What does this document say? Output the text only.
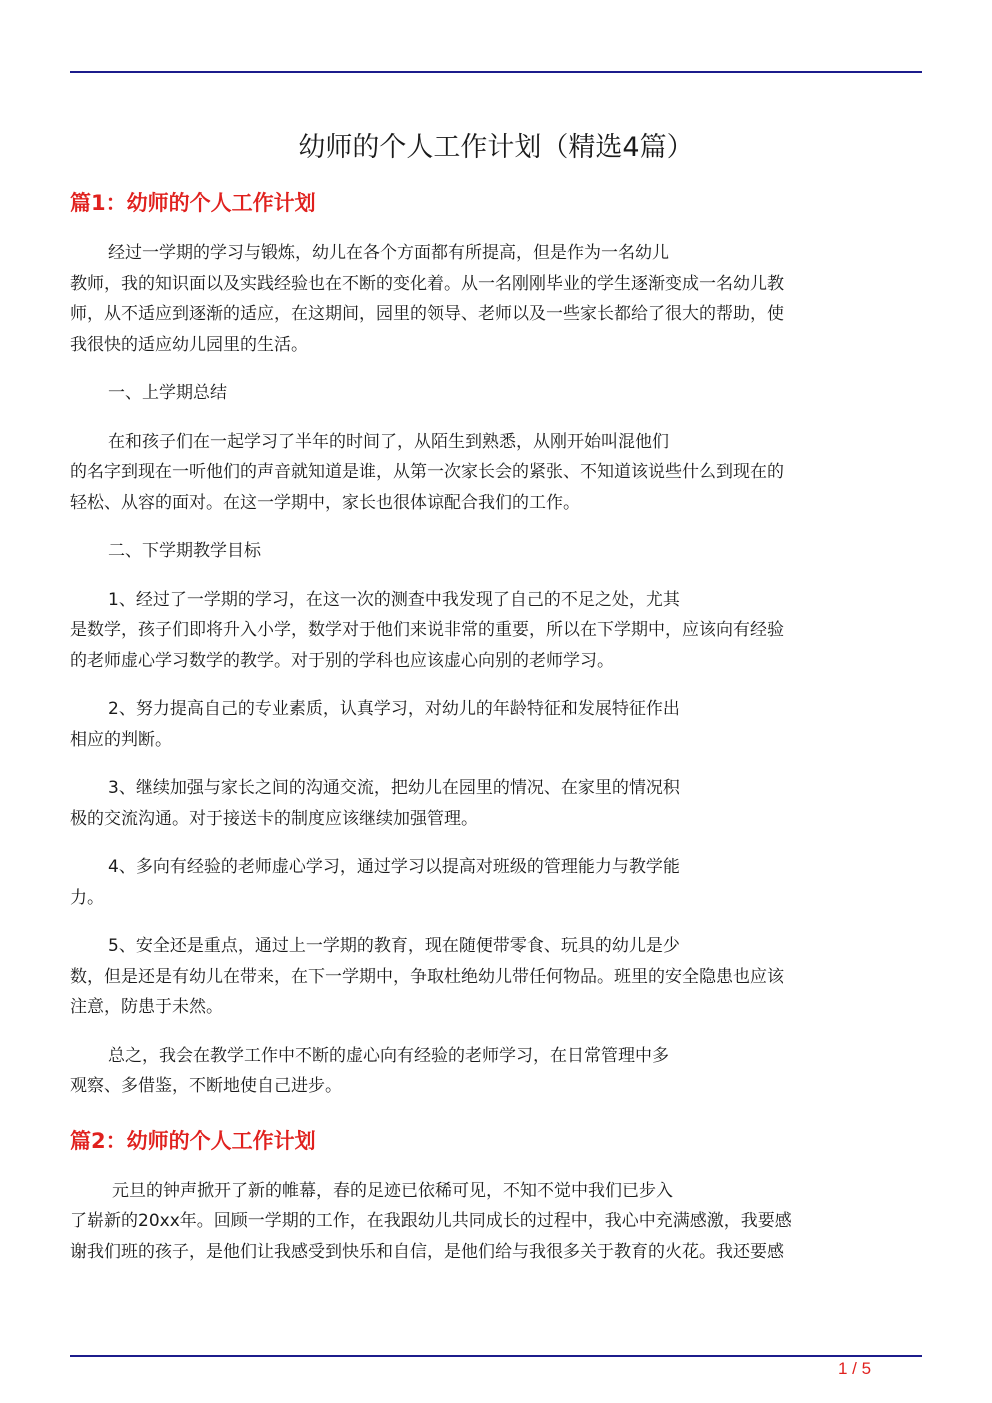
幼师的个人工作计划（精选4篇）
篇1：幼师的个人工作计划

经过一学期的学习与锻炼，幼儿在各个方面都有所提高，但是作为一名幼儿
教师，我的知识面以及实践经验也在不断的变化着。从一名刚刚毕业的学生逐渐变成一名幼儿教
师，从不适应到逐渐的适应，在这期间，园里的领导、老师以及一些家长都给了很大的帮助，使
我很快的适应幼儿园里的生活。

一、上学期总结

在和孩子们在一起学习了半年的时间了，从陌生到熟悉，从刚开始叫混他们
的名字到现在一听他们的声音就知道是谁，从第一次家长会的紧张、不知道该说些什么到现在的
轻松、从容的面对。在这一学期中，家长也很体谅配合我们的工作。

二、下学期教学目标

1、经过了一学期的学习，在这一次的测查中我发现了自己的不足之处，尤其
是数学，孩子们即将升入小学，数学对于他们来说非常的重要，所以在下学期中，应该向有经验
的老师虚心学习数学的教学。对于别的学科也应该虚心向别的老师学习。

2、努力提高自己的专业素质，认真学习，对幼儿的年龄特征和发展特征作出
相应的判断。

3、继续加强与家长之间的沟通交流，把幼儿在园里的情况、在家里的情况积
极的交流沟通。对于接送卡的制度应该继续加强管理。

4、多向有经验的老师虚心学习，通过学习以提高对班级的管理能力与教学能
力。

5、安全还是重点，通过上一学期的教育，现在随便带零食、玩具的幼儿是少
数，但是还是有幼儿在带来，在下一学期中，争取杜绝幼儿带任何物品。班里的安全隐患也应该
注意，防患于未然。

总之，我会在教学工作中不断的虚心向有经验的老师学习，在日常管理中多
观察、多借鉴，不断地使自己进步。

篇2：幼师的个人工作计划

元旦的钟声掀开了新的帷幕，春的足迹已依稀可见，不知不觉中我们已步入
了崭新的20xx年。回顾一学期的工作，在我跟幼儿共同成长的过程中，我心中充满感激，我要感
谢我们班的孩子，是他们让我感受到快乐和自信，是他们给与我很多关于教育的火花。我还要感

1 / 5
